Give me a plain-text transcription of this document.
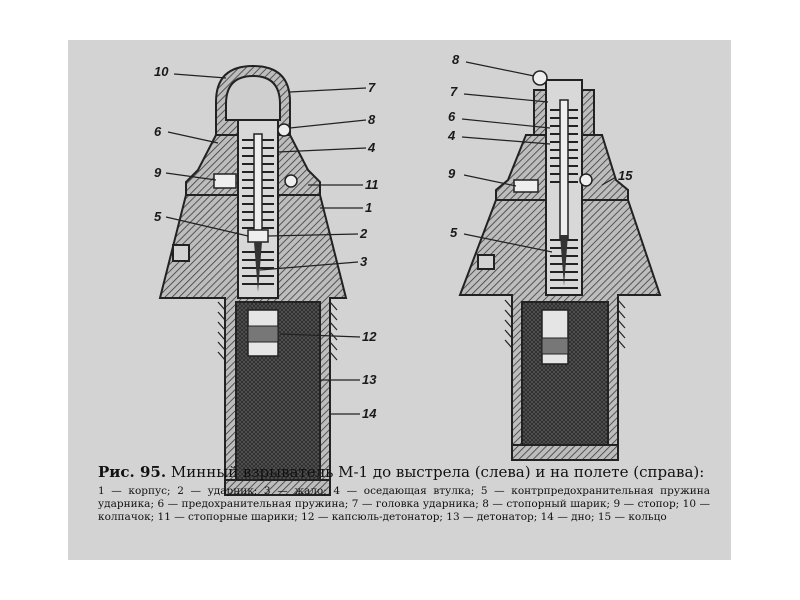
10
7
8
4
6
9
11
1
5
2
3
12
13
14
8
7
6
4
9	15
5
Рис. 95. Минный взрыватель М-1 до выстрела (слева) и на полете (справа):
1 — корпус; 2 — ударник; 3 — жало; 4 — оседающая втулка; 5 — контрпредохранительная пружина ударника; 6 — предохранительная пружина; 7 — головка ударника; 8 — стопорный шарик; 9 — стопор; 10 — колпачок; 11 — стопорные шарики; 12 — капсюль-детонатор; 13 — детонатор; 14 — дно; 15 — кольцо
